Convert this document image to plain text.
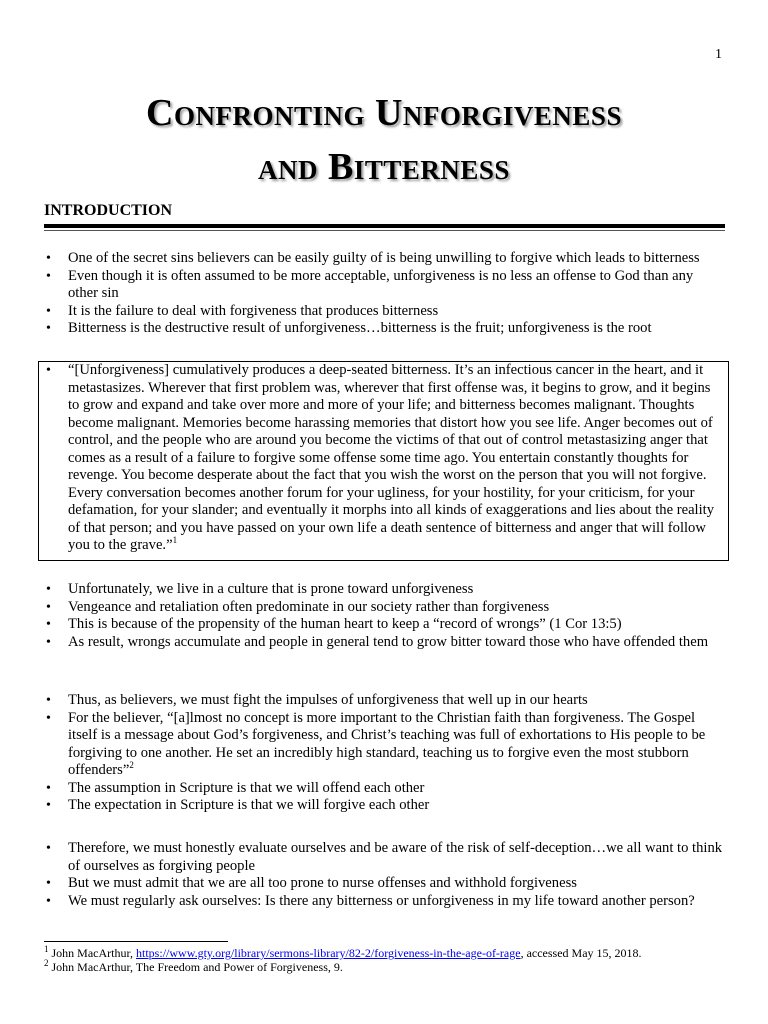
1
Confronting Unforgiveness
and Bitterness
INTRODUCTION
• One of the secret sins believers can be easily guilty of is being unwilling to forgive which leads to bitterness
• Even though it is often assumed to be more acceptable, unforgiveness is no less an offense to God than any other sin
• It is the failure to deal with forgiveness that produces bitterness
• Bitterness is the destructive result of unforgiveness…bitterness is the fruit; unforgiveness is the root
• “[Unforgiveness] cumulatively produces a deep-seated bitterness. It’s an infectious cancer in the heart, and it metastasizes. Wherever that first problem was, wherever that first offense was, it begins to grow, and it begins to grow and expand and take over more and more of your life; and bitterness becomes malignant. Thoughts become malignant. Memories become harassing memories that distort how you see life. Anger becomes out of control, and the people who are around you become the victims of that out of control metastasizing anger that comes as a result of a failure to forgive some offense some time ago. You entertain constantly thoughts for revenge. You become desperate about the fact that you wish the worst on the person that you will not forgive. Every conversation becomes another forum for your ugliness, for your hostility, for your criticism, for your defamation, for your slander; and eventually it morphs into all kinds of exaggerations and lies about the reality of that person; and you have passed on your own life a death sentence of bitterness and anger that will follow you to the grave.”$^1$
• Unfortunately, we live in a culture that is prone toward unforgiveness
• Vengeance and retaliation often predominate in our society rather than forgiveness
• This is because of the propensity of the human heart to keep a “record of wrongs” (1 Cor 13:5)
• As result, wrongs accumulate and people in general tend to grow bitter toward those who have offended them
• Thus, as believers, we must fight the impulses of unforgiveness that well up in our hearts
• For the believer, “[a]lmost no concept is more important to the Christian faith than forgiveness. The Gospel itself is a message about God’s forgiveness, and Christ’s teaching was full of exhortations to His people to be forgiving to one another. He set an incredibly high standard, teaching us to forgive even the most stubborn offenders”$^2$
• The assumption in Scripture is that we will offend each other
• The expectation in Scripture is that we will forgive each other
• Therefore, we must honestly evaluate ourselves and be aware of the risk of self-deception…we all want to think of ourselves as forgiving people
• But we must admit that we are all too prone to nurse offenses and withhold forgiveness
• We must regularly ask ourselves: Is there any bitterness or unforgiveness in my life toward another person?
$^1$ John MacArthur, https://www.gty.org/library/sermons-library/82-2/forgiveness-in-the-age-of-rage, accessed May 15, 2018.
$^2$ John MacArthur, The Freedom and Power of Forgiveness, 9.
